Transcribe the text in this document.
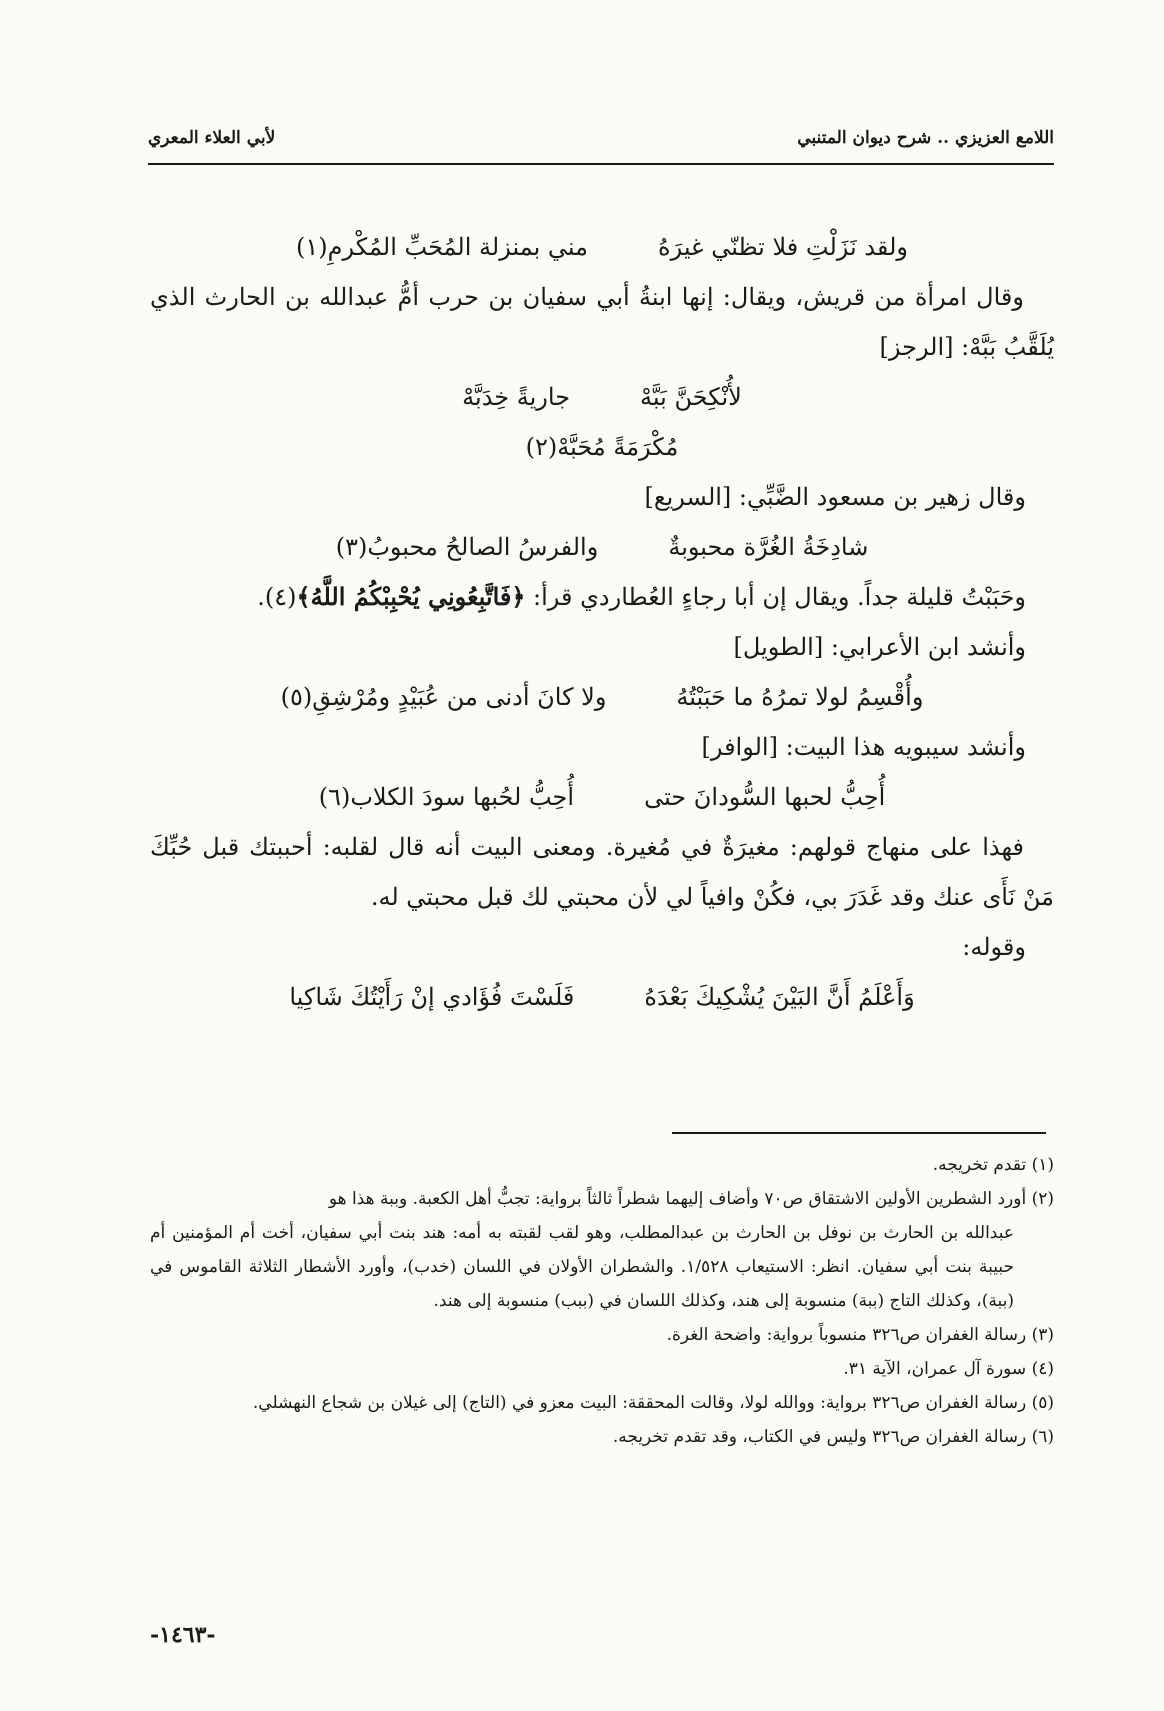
اللامع العزيزي .. شرح ديوان المتنبي
لأبي العلاء المعري
ولقد نَزَلْتِ فلا تظنّي غيرَهُ
مني بمنزلة المُحَبِّ المُكْرمِ(١)
وقال امرأة من قريش، ويقال: إنها ابنةُ أبي سفيان بن حرب أمُّ عبدالله بن الحارث الذي
يُلَقَّبُ بَبَّهْ: [الرجز]
لأُنْكِحَنَّ بَبَّهْ
جاريةً خِدَبَّهْ
مُكْرَمَةً مُحَبَّهْ(٢)
وقال زهير بن مسعود الضَّبِّي: [السريع]
شادِخَةُ الغُرَّة محبوبةٌ
والفرسُ الصالحُ محبوبُ(٣)
وحَبَبْتُ قليلة جداً. ويقال إن أبا رجاءٍ العُطاردي قرأ: ﴿فَاتَّبِعُونِي يُحْبِبْكُمُ اللَّهُ﴾(٤).
وأنشد ابن الأعرابي: [الطويل]
وأُقْسِمُ لولا تمرُهُ ما حَبَبْتُهُ
ولا كانَ أدنى من عُبَيْدٍ ومُرْشِقِ(٥)
وأنشد سيبويه هذا البيت: [الوافر]
أُحِبُّ لحبها السُّودانَ حتى
أُحِبُّ لحُبها سودَ الكلاب(٦)
فهذا على منهاج قولهم: مغيرَةٌ في مُغيرة. ومعنى البيت أنه قال لقلبه: أحببتك قبل حُبِّكَ مَنْ نَأَى عنك وقد غَدَرَ بي، فكُنْ وافياً لي لأن محبتي لك قبل محبتي له.
وقوله:
وَأَعْلَمُ أَنَّ البَيْنَ يُشْكِيكَ بَعْدَهُ
فَلَسْتَ فُؤَادي إنْ رَأَيْتُكَ شَاكِيا
(١) تقدم تخريجه.
(٢) أورد الشطرين الأولين الاشتقاق ص٧٠ وأضاف إليهما شطراً ثالثاً برواية: تجبُّ أهل الكعبة. وببة هذا هو
عبدالله بن الحارث بن نوفل بن الحارث بن عبدالمطلب، وهو لقب لقبته به أمه: هند بنت أبي سفيان، أخت أم المؤمنين أم حبيبة بنت أبي سفيان. انظر: الاستيعاب ١/٥٢٨. والشطران الأولان في اللسان (خدب)، وأورد الأشطار الثلاثة القاموس في (ببة)، وكذلك التاج (ببة) منسوبة إلى هند، وكذلك اللسان في (ببب) منسوبة إلى هند.
(٣) رسالة الغفران ص٣٢٦ منسوباً برواية: واضحة الغرة.
(٤) سورة آل عمران، الآية ٣١.
(٥) رسالة الغفران ص٣٢٦ برواية: ووالله لولا، وقالت المحققة: البيت معزو في (التاج) إلى غيلان بن شجاع النهشلي.
(٦) رسالة الغفران ص٣٢٦ وليس في الكتاب، وقد تقدم تخريجه.
-١٤٦٣-
